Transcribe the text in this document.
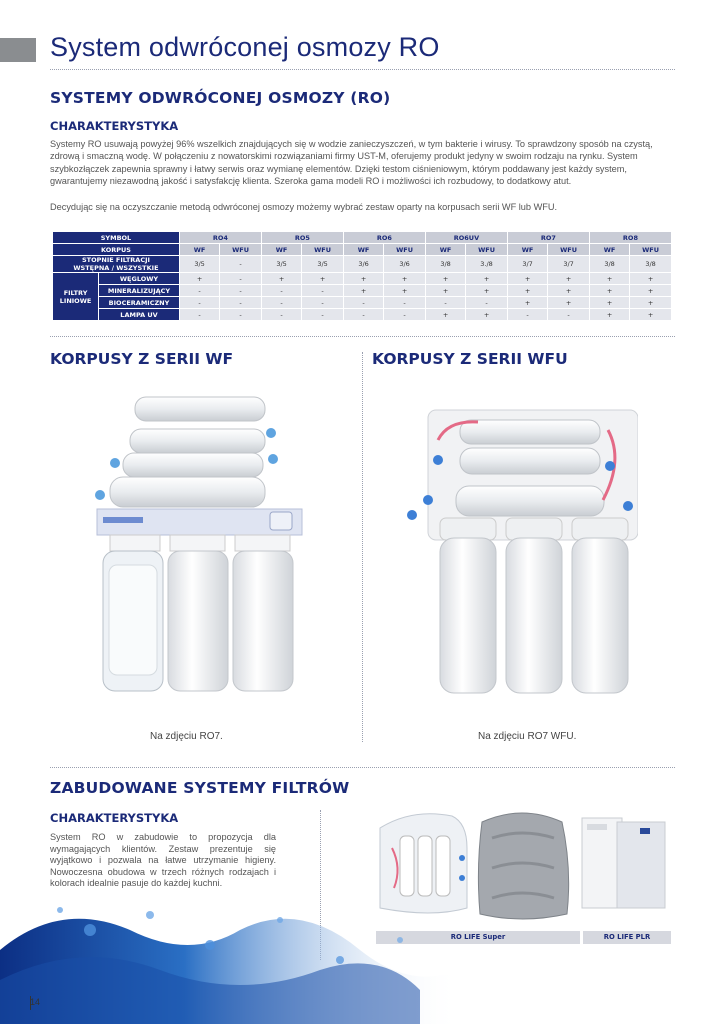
System odwróconej osmozy RO
SYSTEMY ODWRÓCONEJ OSMOZY (RO)
CHARAKTERYSTYKA

Systemy RO usuwają powyżej 96% wszelkich znajdujących się w wodzie zanieczyszczeń, w tym bakterie i wirusy. To sprawdzony sposób na czystą, zdrową i smaczną wodę. W połączeniu z nowatorskimi rozwiązaniami firmy UST-M, oferujemy produkt jedyny w swoim rodzaju na rynku. System szybkozłączek zapewnia sprawny i łatwy serwis oraz wymianę elementów. Dzięki testom ciśnieniowym, którym poddawany jest każdy system, gwarantujemy niezawodną jakość i satysfakcję klienta. Szeroka gama modeli RO i możliwości ich rozbudowy, to dodatkowy atut.

Decydując się na oczyszczanie metodą odwróconej osmozy możemy wybrać zestaw oparty na korpusach serii WF lub WFU.

SYMBOL		RO4		RO5		RO6		RO6UV		RO7		RO8	
KORPUS		WF	WFU	WF	WFU	WF	WFU	WF	WFU	WF	WFU	WF	WFU

STOPNIE FILTRACJI
WSTĘPNA / WSZYSTKIE		3/5	-	3/5	3/5	3/6	3/6	3/8	3./8	3/7	3/7	3/8	3/8

FILTRY
LINIOWE	WĘGLOWY	+	-	+	+	+	+	+	+	+	+	+	+
	MINERALIZUJĄCY	-	-	-	-	+	+	+	+	+	+	+	+
	BIOCERAMICZNY	-	-	-	-	-	-	-	-	+	+	+	+
	LAMPA UV	-	-	-	-	-	-	+	+	-	-	+	+
KORPUSY Z SERII WF
Na zdjęciu RO7.
KORPUSY Z SERII WFU
Na zdjęciu RO7 WFU.
ZABUDOWANE SYSTEMY FILTRÓW
CHARAKTERYSTYKA

System RO w zabudowie to propozycja dla wymagających klientów. Zestaw prezentuje się wyjątkowo i pozwala na łatwe utrzymanie higieny. Nowoczesna obudowa w trzech różnych rodzajach i kolorach idealnie pasuje do każdej kuchni.

RO LIFE Super	RO LIFE PLR
14
